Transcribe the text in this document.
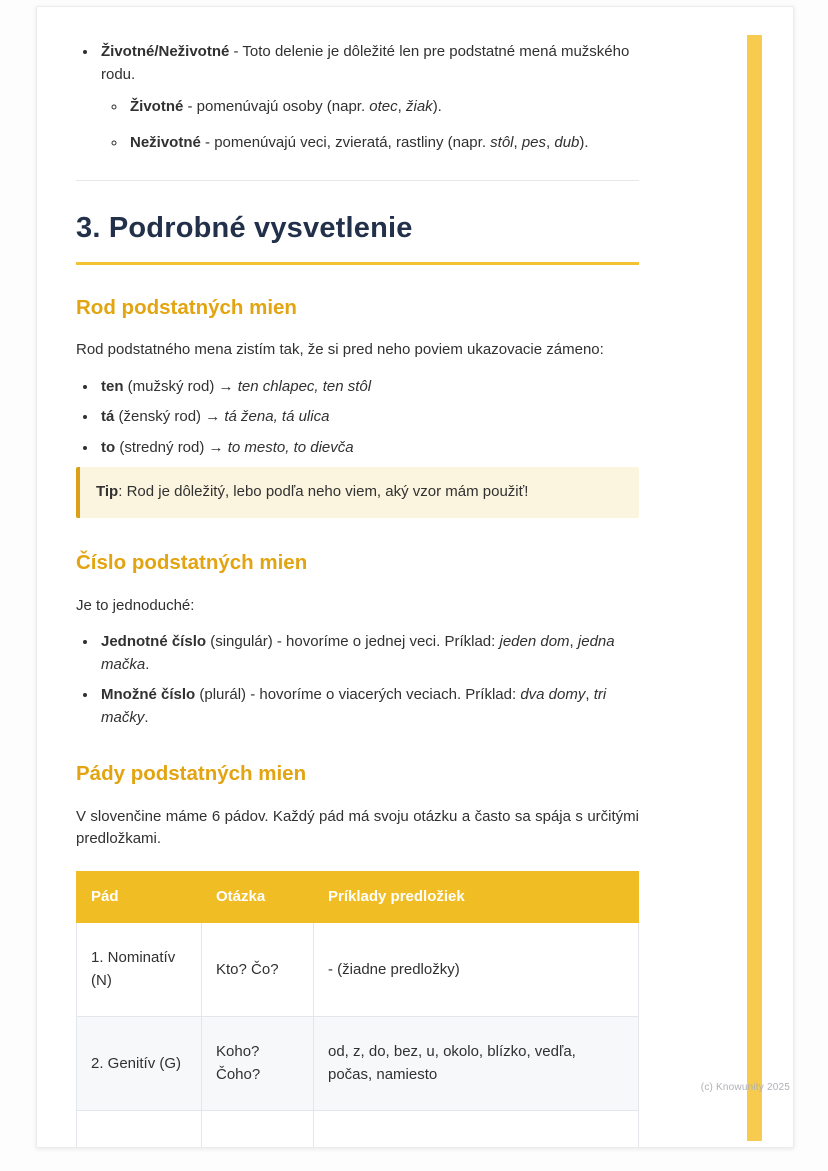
• Životné/Neživotné - Toto delenie je dôležité len pre podstatné mená mužského rodu.
◦ Životné - pomenúvajú osoby (napr. otec, žiak).
◦ Neživotné - pomenúvajú veci, zvieratá, rastliny (napr. stôl, pes, dub).
3. Podrobné vysvetlenie
Rod podstatných mien

Rod podstatného mena zistím tak, že si pred neho poviem ukazovacie zámeno:

• ten (mužský rod) → ten chlapec, ten stôl
• tá (ženský rod) → tá žena, tá ulica
• to (stredný rod) → to mesto, to dievča
Tip: Rod je dôležitý, lebo podľa neho viem, aký vzor mám použiť!
Číslo podstatných mien

Je to jednoduché:

• Jednotné číslo (singulár) - hovoríme o jednej veci. Príklad: jeden dom, jedna mačka.
• Množné číslo (plurál) - hovoríme o viacerých veciach. Príklad: dva domy, tri mačky.
Pády podstatných mien

V slovenčine máme 6 pádov. Každý pád má svoju otázku a často sa spája s určitými predložkami.

Pád	Otázka	Príklady predložiek
1. Nominatív (N)	Kto? Čo?	- (žiadne predložky)
2. Genitív (G)	Koho? Čoho?	od, z, do, bez, u, okolo, blízko, vedľa, počas, namiesto

(c) Knowunity 2025
